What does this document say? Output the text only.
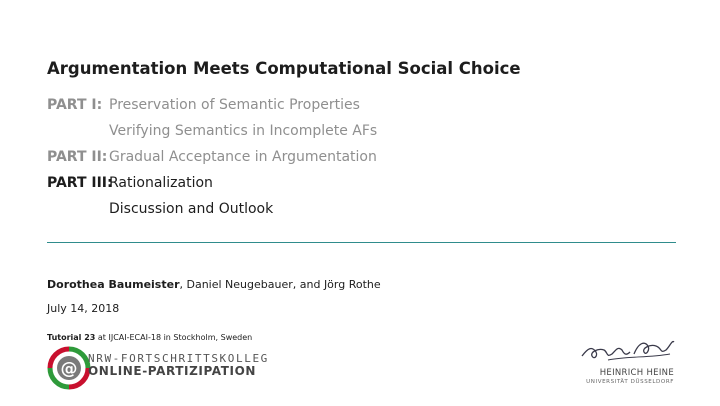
Argumentation Meets Computational Social Choice
PART I: Preservation of Semantic Properties
Verifying Semantics in Incomplete AFs
PART II: Gradual Acceptance in Argumentation
PART III:Rationalization
Discussion and Outlook
Dorothea Baumeister, Daniel Neugebauer, and Jörg Rothe
July 14, 2018
Tutorial 23 at IJCAI-ECAI-18 in Stockholm, Sweden
@
NRW-FORTSCHRITTSKOLLEG
ONLINE-PARTIZIPATION	HEINRICH HEINE
UNIVERSITÄT DÜSSELDORF
